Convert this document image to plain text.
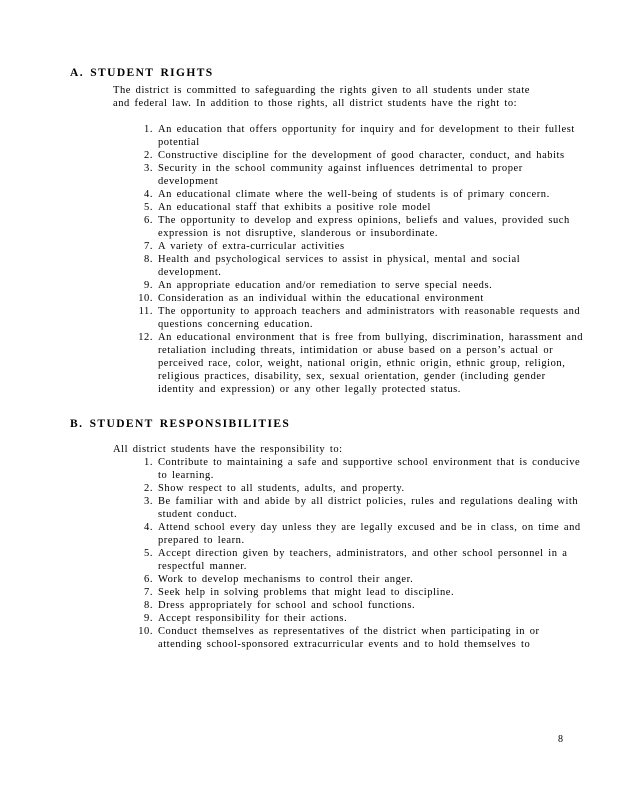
A. STUDENT RIGHTS

The district is committed to safeguarding the rights given to all students under state and federal law. In addition to those rights, all district students have the right to:

1. An education that offers opportunity for inquiry and for development to their fullest potential
2. Constructive discipline for the development of good character, conduct, and habits
3. Security in the school community against influences detrimental to proper development
4. An educational climate where the well-being of students is of primary concern.
5. An educational staff that exhibits a positive role model
6. The opportunity to develop and express opinions, beliefs and values, provided such expression is not disruptive, slanderous or insubordinate.
7. A variety of extra-curricular activities
8. Health and psychological services to assist in physical, mental and social development.
9. An appropriate education and/or remediation to serve special needs.
10. Consideration as an individual within the educational environment
11. The opportunity to approach teachers and administrators with reasonable requests and questions concerning education.
12. An educational environment that is free from bullying, discrimination, harassment and retaliation including threats, intimidation or abuse based on a person’s actual or perceived race, color, weight, national origin, ethnic origin, ethnic group, religion, religious practices, disability, sex, sexual orientation, gender (including gender identity and expression) or any other legally protected status.
B. STUDENT RESPONSIBILITIES

All district students have the responsibility to:

1. Contribute to maintaining a safe and supportive school environment that is conducive to learning.
2. Show respect to all students, adults, and property.
3. Be familiar with and abide by all district policies, rules and regulations dealing with student conduct.
4. Attend school every day unless they are legally excused and be in class, on time and prepared to learn.
5. Accept direction given by teachers, administrators, and other school personnel in a respectful manner.
6. Work to develop mechanisms to control their anger.
7. Seek help in solving problems that might lead to discipline.
8. Dress appropriately for school and school functions.
9. Accept responsibility for their actions.
10. Conduct themselves as representatives of the district when participating in or attending school-sponsored extracurricular events and to hold themselves to
8
